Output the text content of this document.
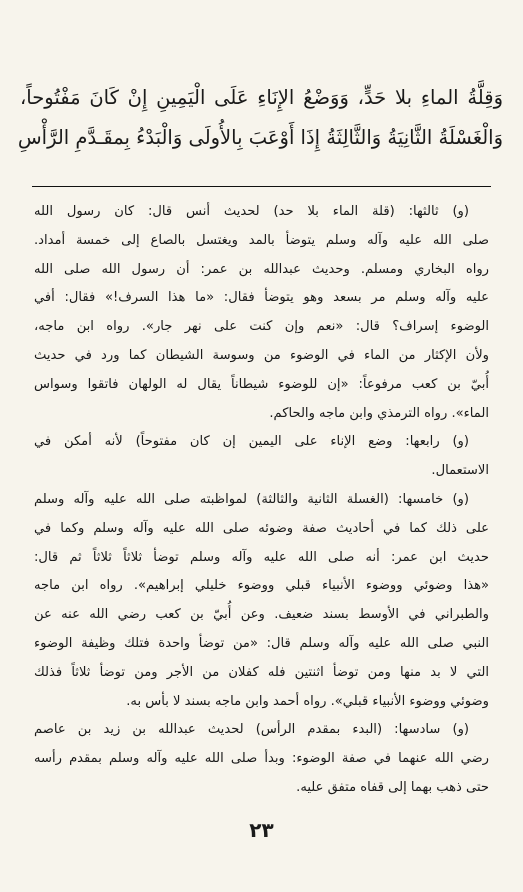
وَقِلَّةُ الماءِ بلا حَدٍّ، وَوَضْعُ الإِنَاءِ عَلَى الْيَمِينِ إِنْ كَانَ مَفْتُوحاً،
وَالْغَسْلَةُ الثَّانِيَةُ وَالثَّالِثَةُ إِذَا أَوْعَبَ بِالأُولَى وَالْبَدْءُ بِمقَـدَّمِ الرَّأْسِ
(و) ثالثها: (قلة الماء بلا حد) لحديث أنس قال: كان رسول الله
صلى الله عليه وآله وسلم يتوضأ بالمد ويغتسل بالصاع إلى خمسة أمداد.
رواه البخاري ومسلم. وحديث عبدالله بن عمر: أن رسول الله صلى الله
عليه وآله وسلم مر بسعد وهو يتوضأ فقال: «ما هذا السرف!» فقال: أفي
الوضوء إسراف؟ قال: «نعم وإن كنت على نهر جار». رواه ابن ماجه،
ولأن الإكثار من الماء في الوضوء من وسوسة الشيطان كما ورد في حديث
أُبيّ بن كعب مرفوعاً: «إن للوضوء شيطاناً يقال له الولهان فاتقوا وسواس
الماء». رواه الترمذي وابن ماجه والحاكم.
(و) رابعها: وضع الإناء على اليمين إن كان مفتوحاً) لأنه أمكن في
الاستعمال.
(و) خامسها: (الغسلة الثانية والثالثة) لمواظبته صلى الله عليه وآله وسلم
على ذلك كما في أحاديث صفة وضوئه صلى الله عليه وآله وسلم وكما في
حديث ابن عمر: أنه صلى الله عليه وآله وسلم توضأ ثلاثاً ثلاثاً ثم قال:
«هذا وضوئي ووضوء الأنبياء قبلي ووضوء خليلي إبراهيم». رواه ابن ماجه
والطبراني في الأوسط بسند ضعيف. وعن أُبيّ بن كعب رضي الله عنه عن
النبي صلى الله عليه وآله وسلم قال: «من توضأ واحدة فتلك وظيفة الوضوء
التي لا بد منها ومن توضأ اثنتين فله كفلان من الأجر ومن توضأ ثلاثاً فذلك
وضوئي ووضوء الأنبياء قبلي». رواه أحمد وابن ماجه بسند لا بأس به.
(و) سادسها: (البدء بمقدم الرأس) لحديث عبدالله بن زيد بن عاصم
رضي الله عنهما في صفة الوضوء: وبدأ صلى الله عليه وآله وسلم بمقدم رأسه
حتى ذهب بهما إلى قفاه متفق عليه.
٢٣
